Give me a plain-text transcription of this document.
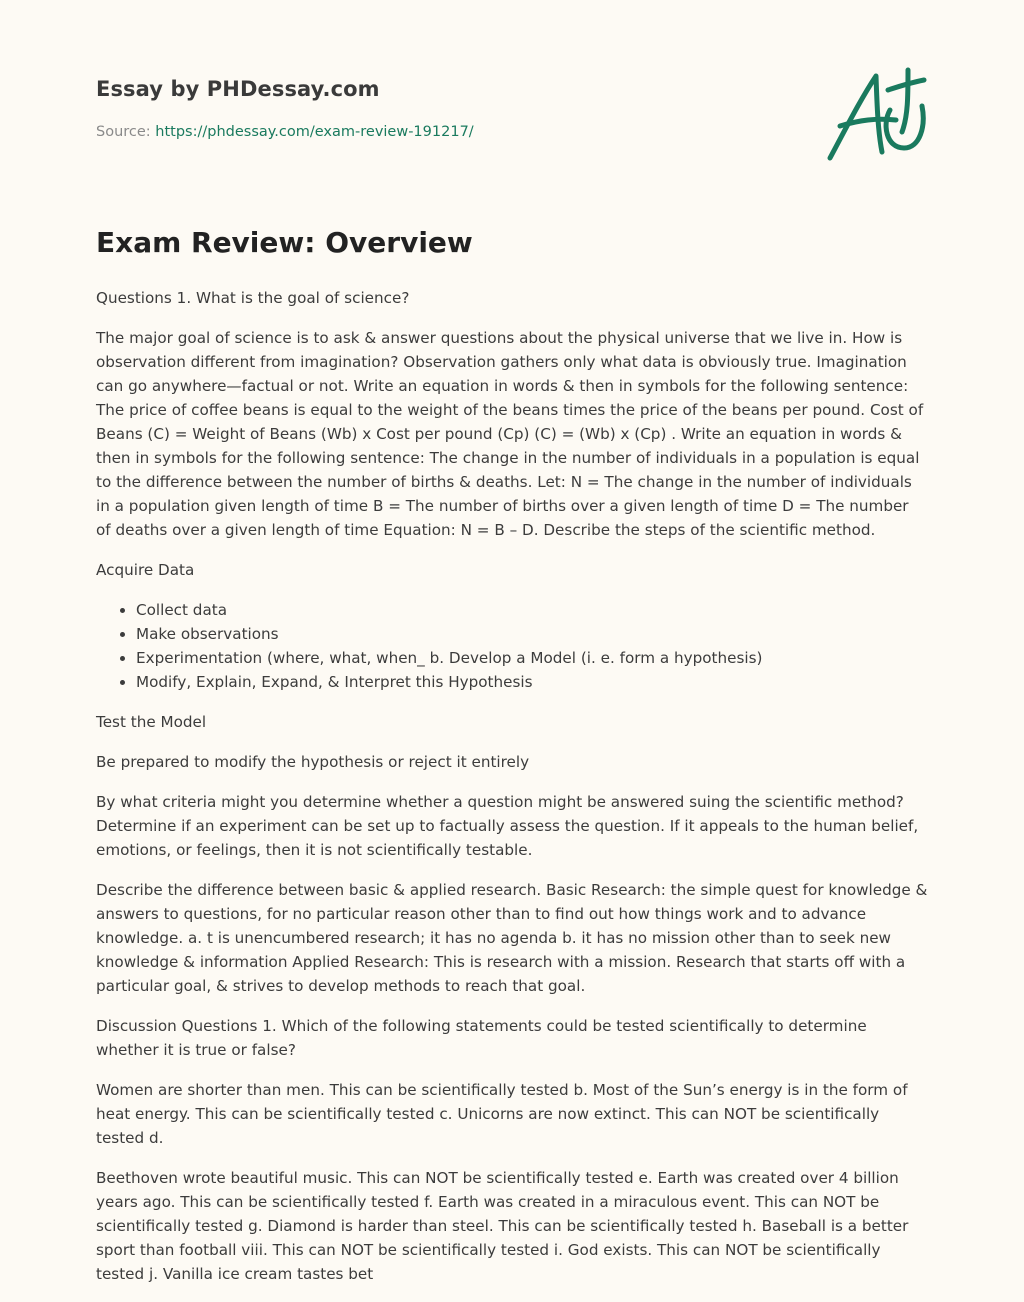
Essay by PHDessay.com
Source: https://phdessay.com/exam-review-191217/
Exam Review: Overview

Questions 1. What is the goal of science?

The major goal of science is to ask & answer questions about the physical universe that we live in. How is observation different from imagination? Observation gathers only what data is obviously true. Imagination can go anywhere—factual or not. Write an equation in words & then in symbols for the following sentence: The price of coffee beans is equal to the weight of the beans times the price of the beans per pound. Cost of Beans (C) = Weight of Beans (Wb) x Cost per pound (Cp) (C) = (Wb) x (Cp) . Write an equation in words & then in symbols for the following sentence: The change in the number of individuals in a population is equal to the difference between the number of births & deaths. Let: N = The change in the number of individuals in a population given length of time B = The number of births over a given length of time D = The number of deaths over a given length of time Equation: N = B – D. Describe the steps of the scientific method.

Acquire Data

• Collect data
• Make observations
• Experimentation (where, what, when_ b. Develop a Model (i. e. form a hypothesis)
• Modify, Explain, Expand, & Interpret this Hypothesis

Test the Model

Be prepared to modify the hypothesis or reject it entirely

By what criteria might you determine whether a question might be answered suing the scientific method? Determine if an experiment can be set up to factually assess the question. If it appeals to the human belief, emotions, or feelings, then it is not scientifically testable.

Describe the difference between basic & applied research. Basic Research: the simple quest for knowledge & answers to questions, for no particular reason other than to find out how things work and to advance knowledge. a. t is unencumbered research; it has no agenda b. it has no mission other than to seek new knowledge & information Applied Research: This is research with a mission. Research that starts off with a particular goal, & strives to develop methods to reach that goal.

Discussion Questions 1. Which of the following statements could be tested scientifically to determine whether it is true or false?

Women are shorter than men. This can be scientifically tested b. Most of the Sun’s energy is in the form of heat energy. This can be scientifically tested c. Unicorns are now extinct. This can NOT be scientifically tested d.

Beethoven wrote beautiful music. This can NOT be scientifically tested e. Earth was created over 4 billion years ago. This can be scientifically tested f. Earth was created in a miraculous event. This can NOT be scientifically tested g. Diamond is harder than steel. This can be scientifically tested h. Baseball is a better sport than football viii. This can NOT be scientifically tested i. God exists. This can NOT be scientifically tested j. Vanilla ice cream tastes bet
